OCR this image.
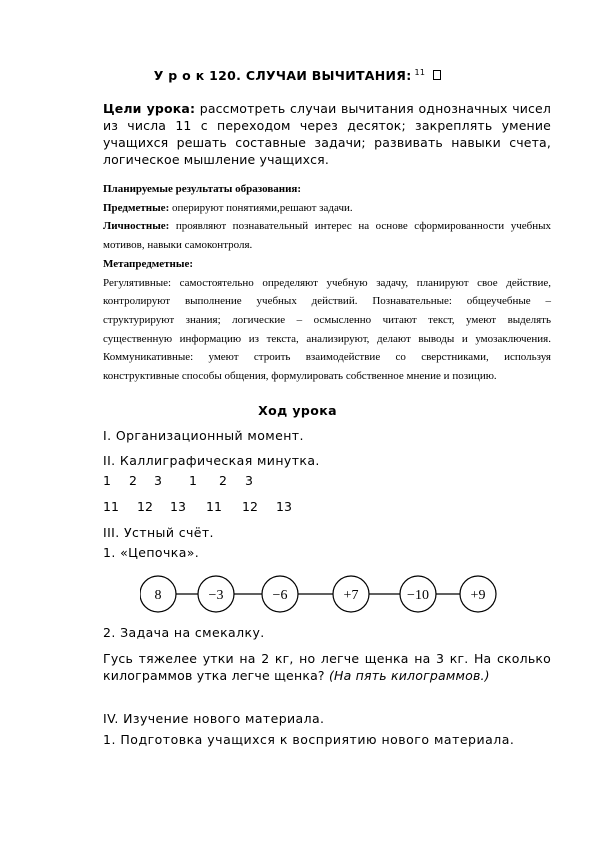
У р о к 120. СЛУЧАИ ВЫЧИТАНИЯ: $^{11}$
Цели урока: рассмотреть случаи вычитания однозначных чисел из числа 11 с переходом через десяток; закреплять умение учащихся решать составные задачи; развивать навыки счета, логическое мышление учащихся.

Планируемые результаты образования:

Предметные: оперируют понятиями,решают задачи.

Личностные: проявляют познавательный интерес на основе сформированности учебных мотивов, навыки самоконтроля.

Метапредметные:

Регулятивные: самостоятельно определяют учебную задачу, планируют свое действие, контролируют выполнение учебных действий. Познавательные: общеучебные – структурируют знания; логические – осмысленно читают текст, умеют выделять существенную информацию из текста, анализируют, делают выводы и умозаключения. Коммуникативные: умеют строить взаимодействие со сверстниками, используя конструктивные способы общения, формулировать собственное мнение и позицию.

Ход урока
I. Организационный момент.
II. Каллиграфическая минутка.
1 2 3 1 2 3
11 12 13 11 12 13
III. Устный счёт.
1. «Цепочка».
8	−3	−6	+7	−10	+9
2. Задача на смекалку.
Гусь тяжелее утки на 2 кг, но легче щенка на 3 кг. На сколько килограммов утка легче щенка? (На пять килограммов.)
IV. Изучение нового материала.
1. Подготовка учащихся к восприятию нового материала.
